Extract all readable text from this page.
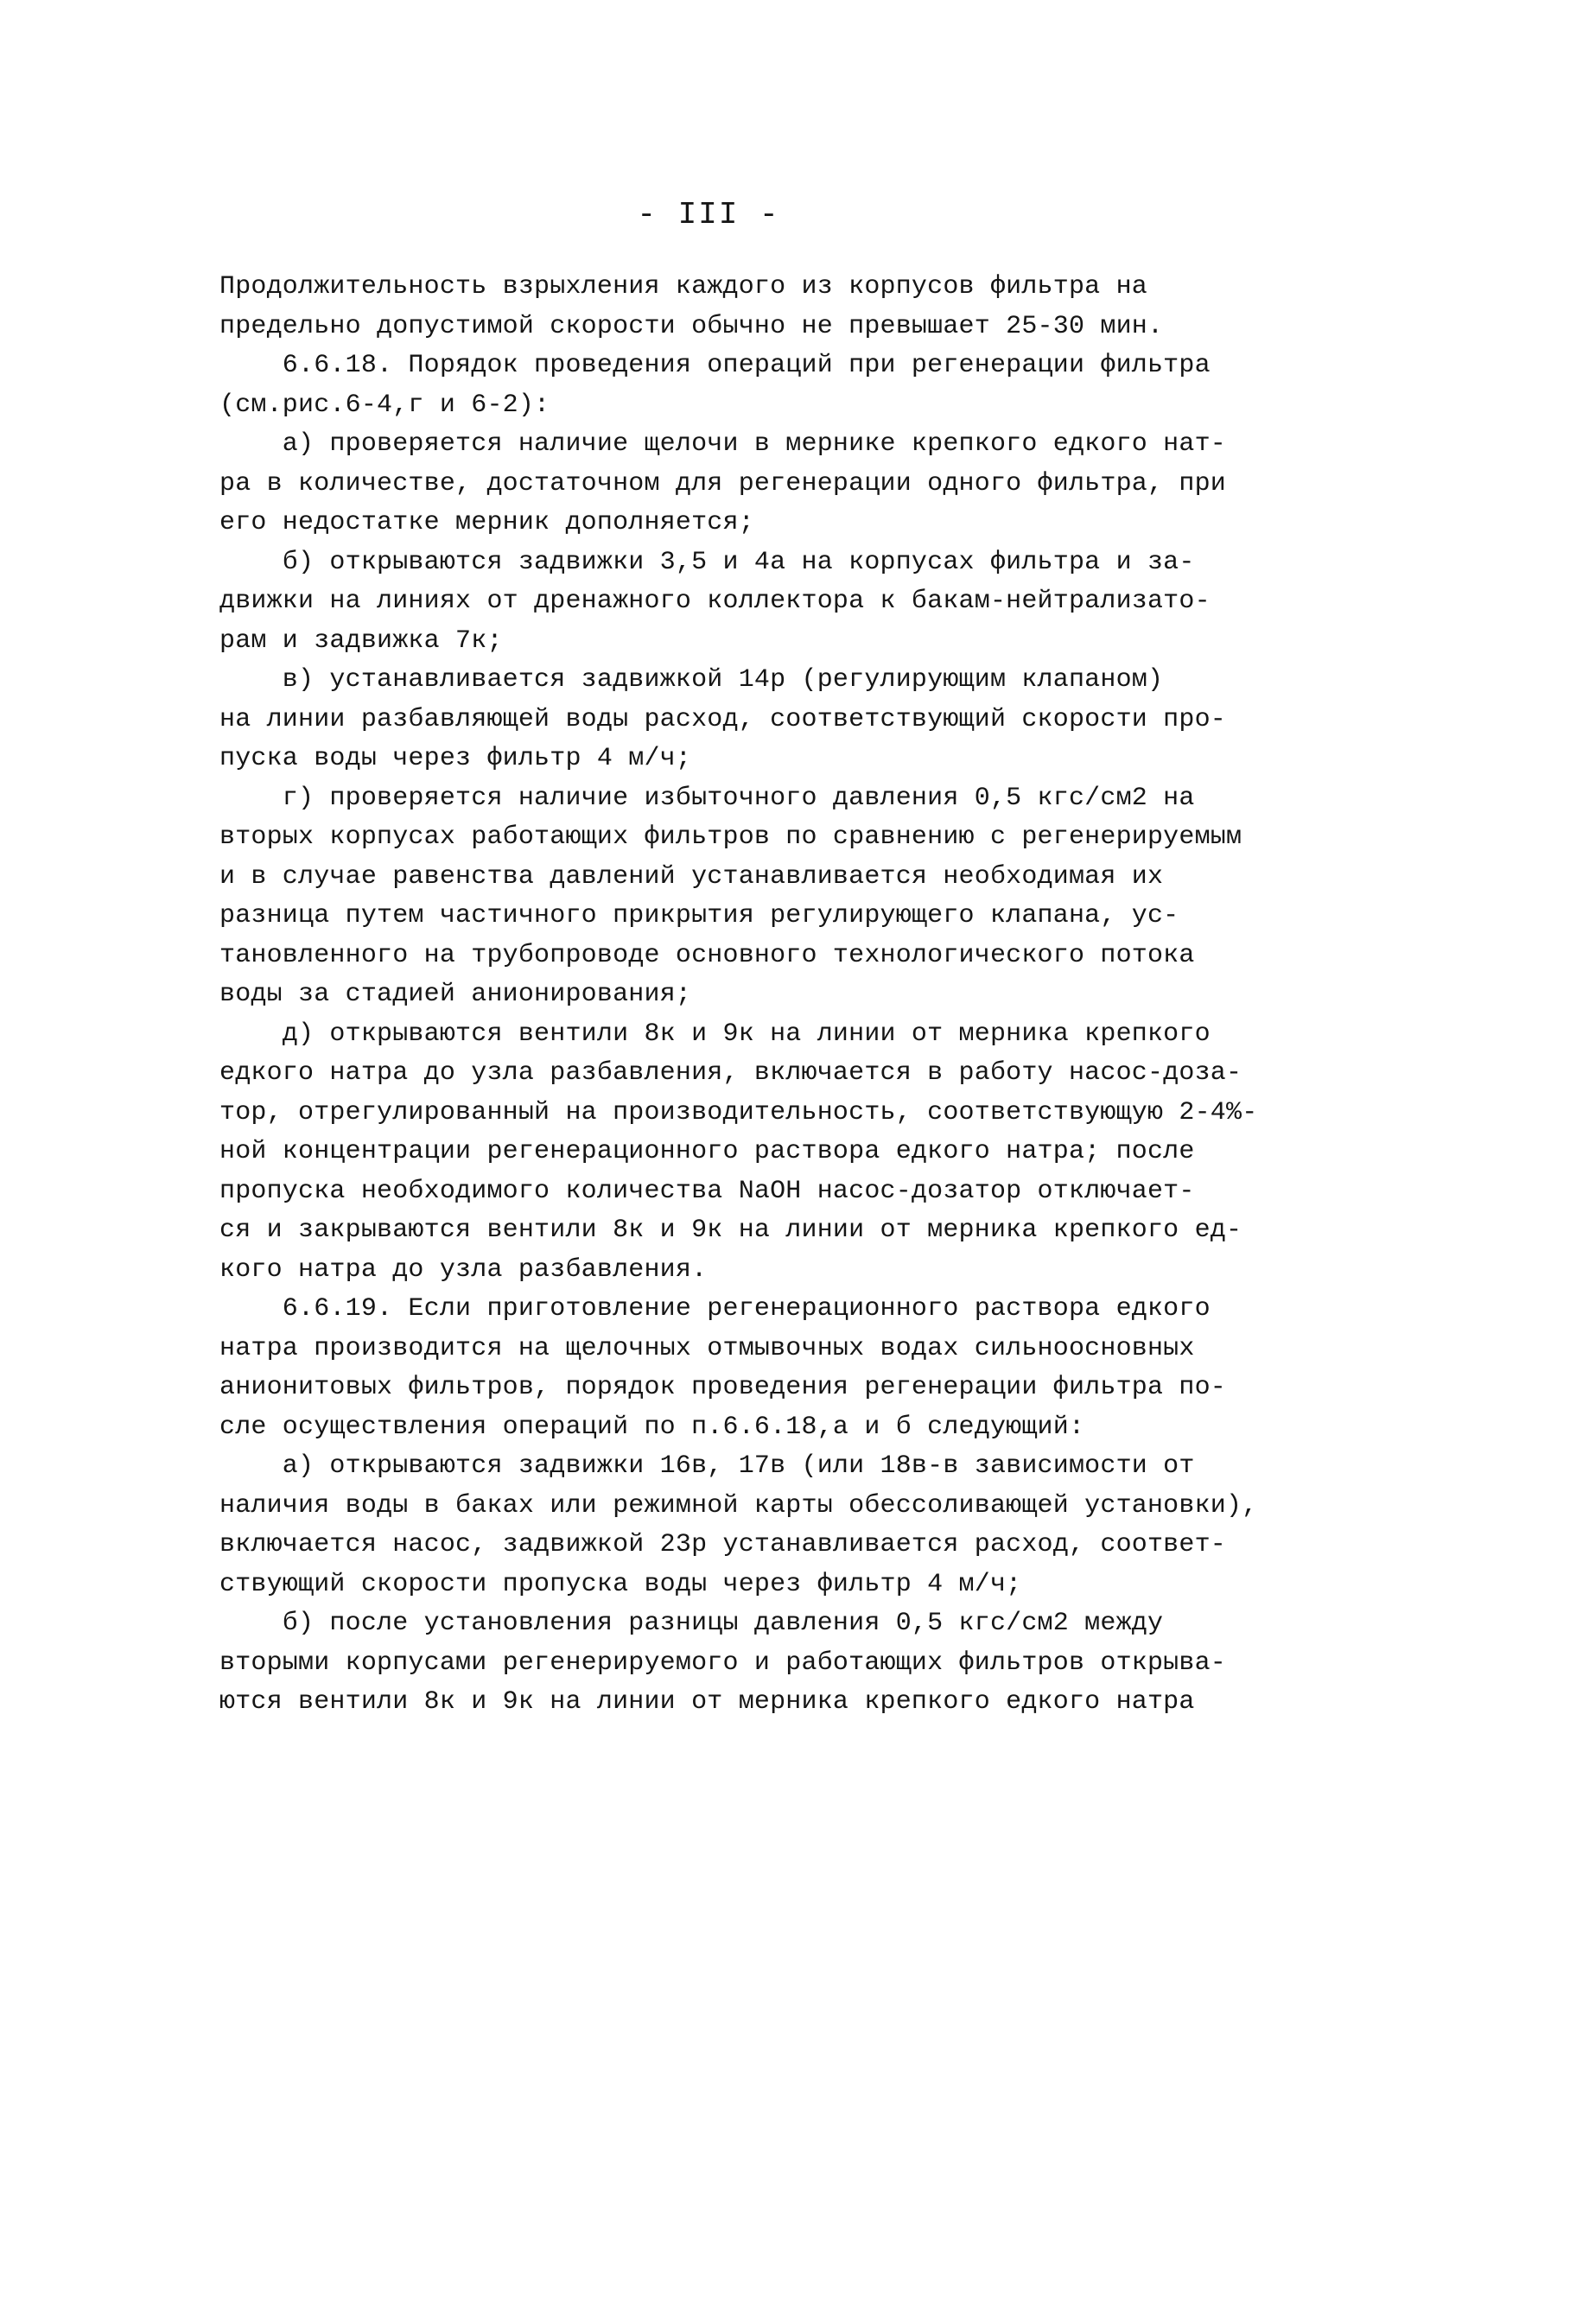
- III -
Продолжительность взрыхления каждого из корпусов фильтра на
предельно допустимой скорости обычно не превышает 25-30 мин.
6.6.18. Порядок проведения операций при регенерации фильтра
(см.рис.6-4,г и 6-2):
а) проверяется наличие щелочи в мернике крепкого едкого нат-
ра в количестве, достаточном для регенерации одного фильтра, при
его недостатке мерник дополняется;
б) открываются задвижки 3,5 и 4а на корпусах фильтра и за-
движки на линиях от дренажного коллектора к бакам-нейтрализато-
рам и задвижка 7к;
в) устанавливается задвижкой 14р (регулирующим клапаном)
на линии разбавляющей воды расход, соответствующий скорости про-
пуска воды через фильтр 4 м/ч;
г) проверяется наличие избыточного давления 0,5 кгс/см2 на
вторых корпусах работающих фильтров по сравнению с регенерируемым
и в случае равенства давлений устанавливается необходимая их
разница путем частичного прикрытия регулирующего клапана, ус-
тановленного на трубопроводе основного технологического потока
воды за стадией анионирования;
д) открываются вентили 8к и 9к на линии от мерника крепкого
едкого натра до узла разбавления, включается в работу насос-доза-
тор, отрегулированный на производительность, соответствующую 2-4%-
ной концентрации регенерационного раствора едкого натра; после
пропуска необходимого количества NaOH насос-дозатор отключает-
ся и закрываются вентили 8к и 9к на линии от мерника крепкого ед-
кого натра до узла разбавления.
6.6.19. Если приготовление регенерационного раствора едкого
натра производится на щелочных отмывочных водах сильноосновных
анионитовых фильтров, порядок проведения регенерации фильтра по-
сле осуществления операций по п.6.6.18,а и б следующий:
а) открываются задвижки 16в, 17в (или 18в-в зависимости от
наличия воды в баках или режимной карты обессоливающей установки),
включается насос, задвижкой 23р устанавливается расход, соответ-
ствующий скорости пропуска воды через фильтр 4 м/ч;
б) после установления разницы давления 0,5 кгс/см2 между
вторыми корпусами регенерируемого и работающих фильтров открыва-
ются вентили 8к и 9к на линии от мерника крепкого едкого натра
